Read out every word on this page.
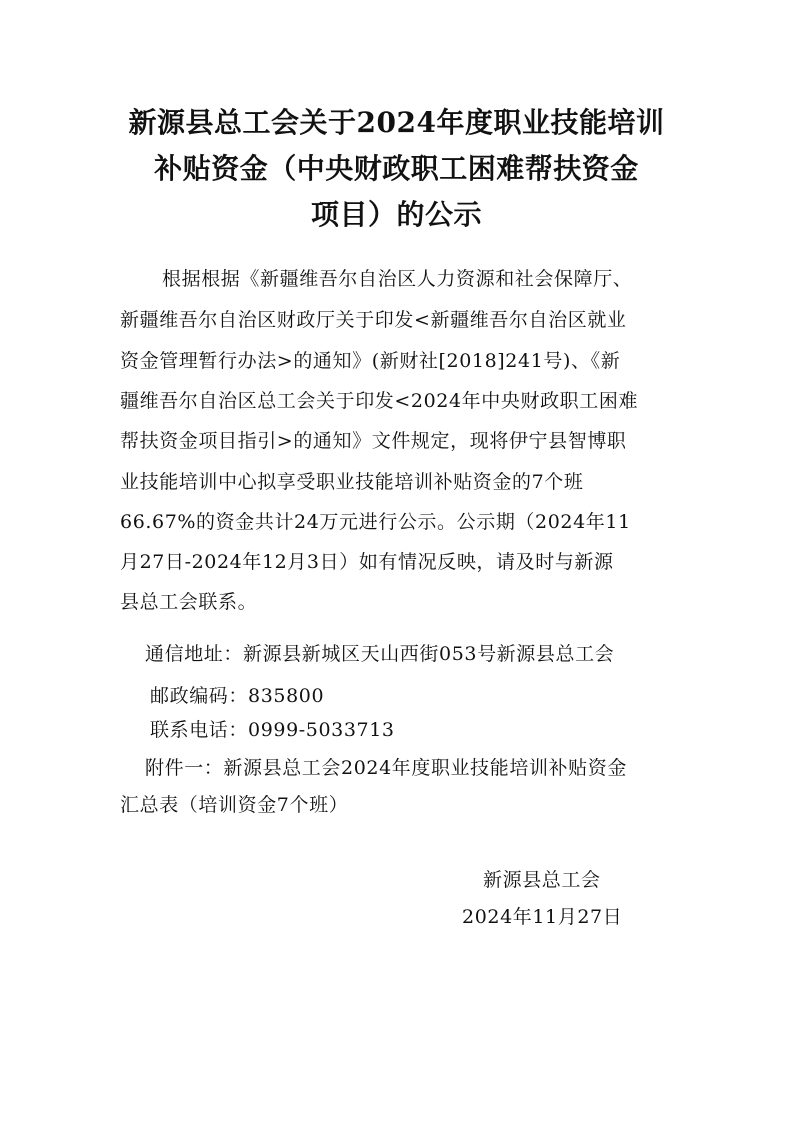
新源县总工会关于2024年度职业技能培训
补贴资金（中央财政职工困难帮扶资金
项目）的公示
根据根据《新疆维吾尔自治区人力资源和社会保障厅、
新疆维吾尔自治区财政厅关于印发<新疆维吾尔自治区就业
资金管理暂行办法>的通知》(新财社[2018]241号)、《新
疆维吾尔自治区总工会关于印发<2024年中央财政职工困难
帮扶资金项目指引>的通知》文件规定，现将伊宁县智博职
业技能培训中心拟享受职业技能培训补贴资金的7个班
66.67%的资金共计24万元进行公示。公示期（2024年11
月27日-2024年12月3日）如有情况反映，请及时与新源
县总工会联系。
通信地址：新源县新城区天山西街053号新源县总工会
邮政编码：835800
联系电话：0999-5033713
附件一：新源县总工会2024年度职业技能培训补贴资金
汇总表（培训资金7个班）
新源县总工会
2024年11月27日
